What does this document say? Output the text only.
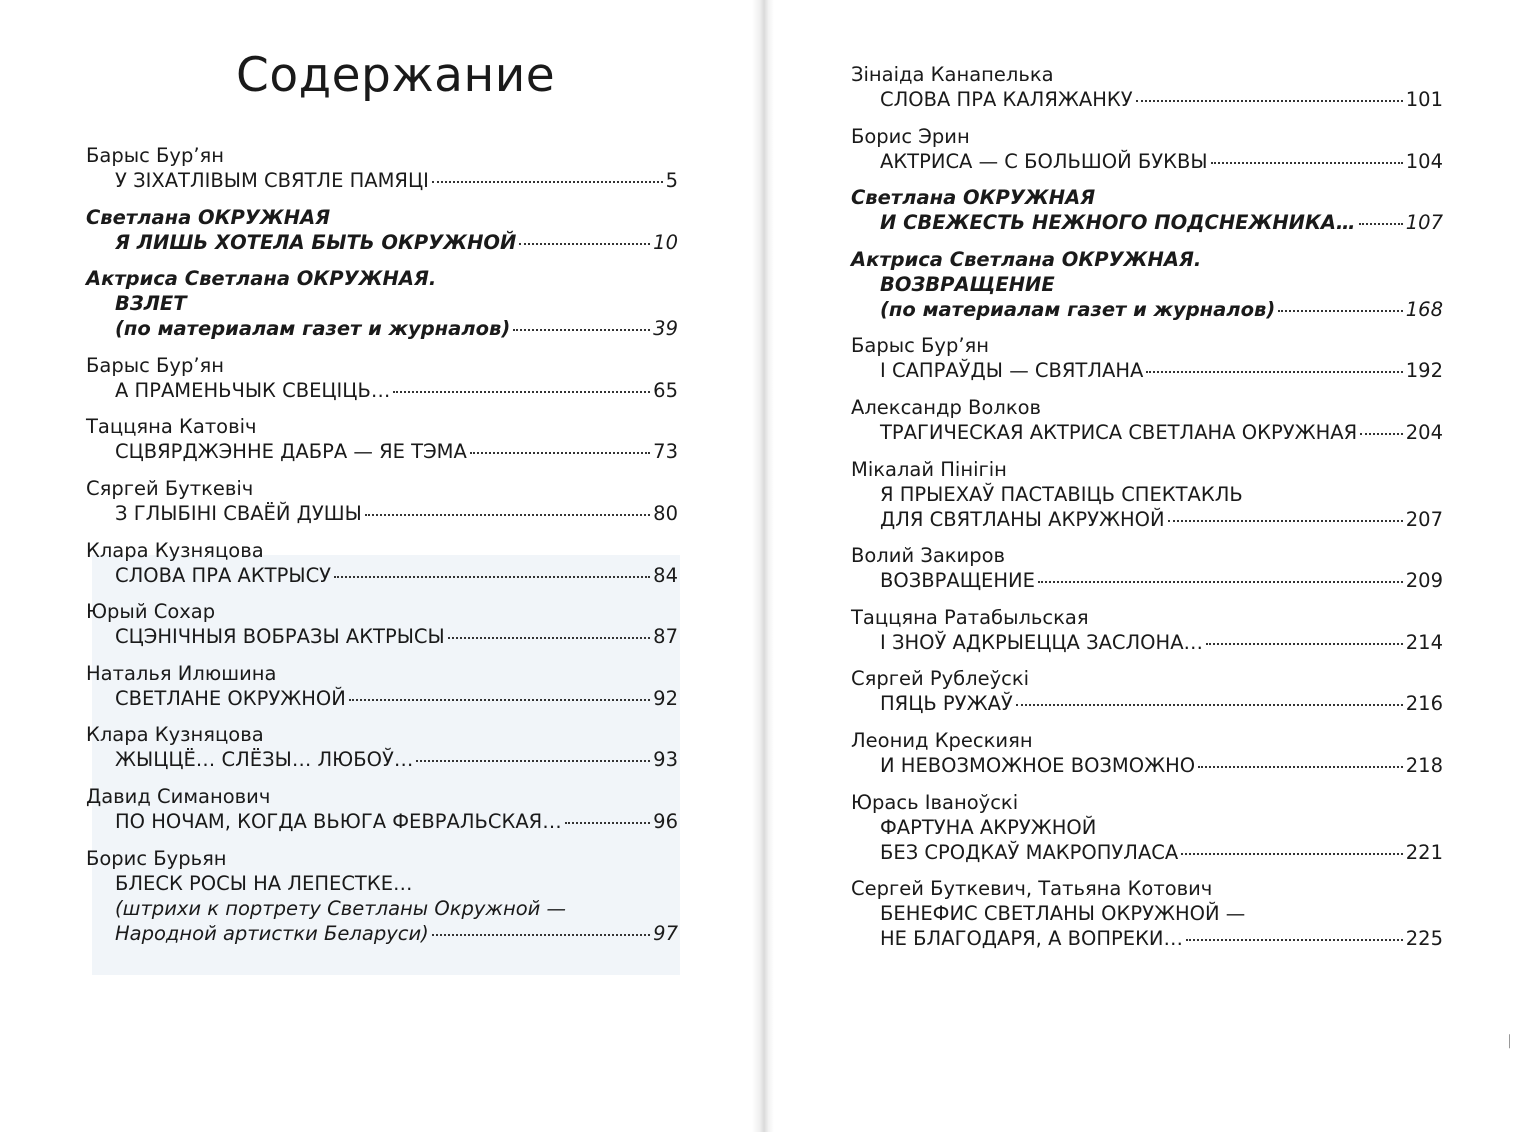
Содержание
Барыс Бур’ян
У ЗІХАТЛІВЫМ СВЯТЛЕ ПАМЯЦІ	5
Светлана ОКРУЖНАЯ
Я ЛИШЬ ХОТЕЛА БЫТЬ ОКРУЖНОЙ	10
Актриса Светлана ОКРУЖНАЯ.
ВЗЛЕТ
(по материалам газет и журналов)	39
Барыс Бур’ян
А ПРАМЕНЬЧЫК СВЕЦІЦЬ…	65
Таццяна Катовіч
СЦВЯРДЖЭННЕ ДАБРА — ЯЕ ТЭМА	73
Сяргей Буткевіч
З ГЛЫБІНІ СВАЁЙ ДУШЫ	80
Клара Кузняцова
СЛОВА ПРА АКТРЫСУ	84
Юрый Сохар
СЦЭНІЧНЫЯ ВОБРАЗЫ АКТРЫСЫ	87
Наталья Илюшина
СВЕТЛАНЕ ОКРУЖНОЙ	92
Клара Кузняцова
ЖЫЦЦЁ… СЛЁЗЫ… ЛЮБОЎ…	93
Давид Симанович
ПО НОЧАМ, КОГДА ВЬЮГА ФЕВРАЛЬСКАЯ…	96
Борис Бурьян
БЛЕСК РОСЫ НА ЛЕПЕСТКЕ…
(штрихи к портрету Светланы Окружной —
Народной артистки Беларуси)	97
Зінаіда Канапелька
СЛОВА ПРА КАЛЯЖАНКУ	101
Борис Эрин
АКТРИСА — С БОЛЬШОЙ БУКВЫ	104
Светлана ОКРУЖНАЯ
И СВЕЖЕСТЬ НЕЖНОГО ПОДСНЕЖНИКА…	107
Актриса Светлана ОКРУЖНАЯ.
ВОЗВРАЩЕНИЕ
(по материалам газет и журналов)	168
Барыс Бур’ян
І САПРАЎДЫ — СВЯТЛАНА	192
Александр Волков
ТРАГИЧЕСКАЯ АКТРИСА СВЕТЛАНА ОКРУЖНАЯ 204
Мікалай Пінігін
Я ПРЫЕХАЎ ПАСТАВІЦЬ СПЕКТАКЛЬ
ДЛЯ СВЯТЛАНЫ АКРУЖНОЙ	207
Волий Закиров
ВОЗВРАЩЕНИЕ	209
Таццяна Ратабыльская
І ЗНОЎ АДКРЫЕЦЦА ЗАСЛОНА…	214
Сяргей Рублеўскі
ПЯЦЬ РУЖАЎ	216
Леонид Крескиян
И НЕВОЗМОЖНОЕ ВОЗМОЖНО	218
Юрась Іваноўскі
ФАРТУНА АКРУЖНОЙ
БЕЗ СРОДКАЎ МАКРОПУЛАСА	221
Сергей Буткевич, Татьяна Котович
БЕНЕФИС СВЕТЛАНЫ ОКРУЖНОЙ —
НЕ БЛАГОДАРЯ, А ВОПРЕКИ…	225
